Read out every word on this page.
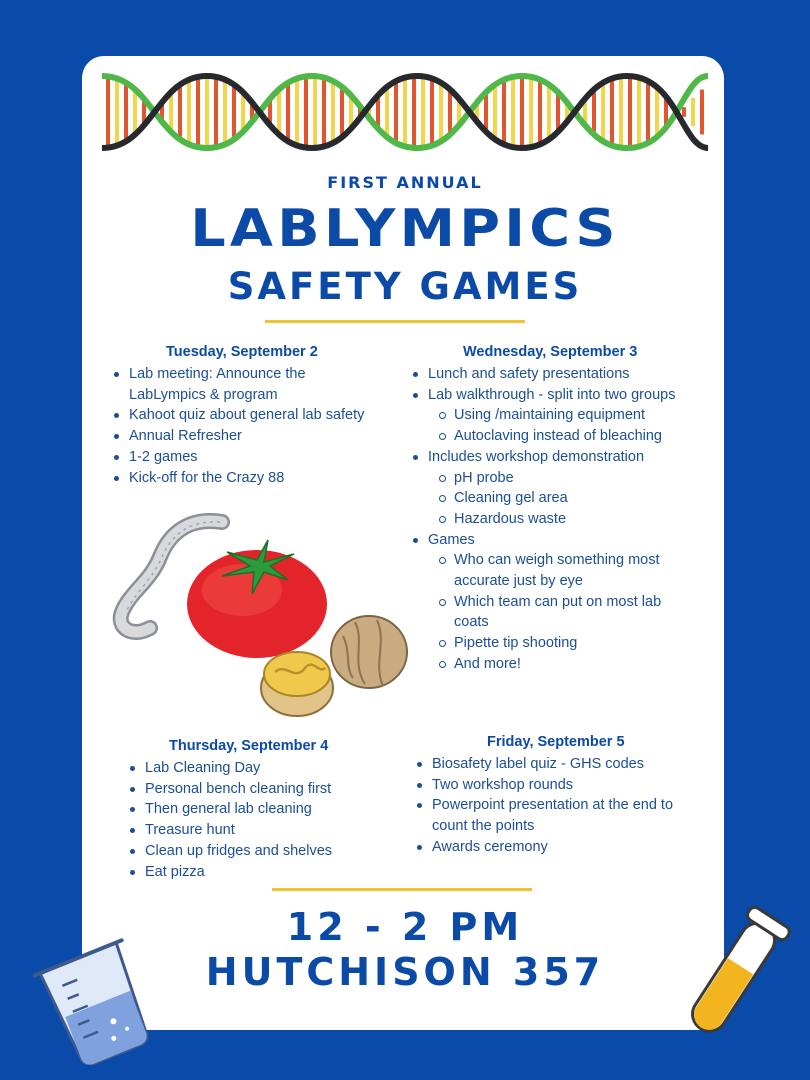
FIRST ANNUAL
LABLYMPICS
SAFETY GAMES
Tuesday, September 2
Lab meeting: Announce the
LabLympics & program
Kahoot quiz about general lab safety
Annual Refresher
1-2 games
Kick-off for the Crazy 88
Wednesday, September 3
Lunch and safety presentations
Lab walkthrough - split into two groups
Using /maintaining equipment
Autoclaving instead of bleaching
Includes workshop demonstration
pH probe
Cleaning gel area
Hazardous waste
Games
Who can weigh something most
accurate just by eye
Which team can put on most lab
coats
Pipette tip shooting
And more!
Thursday, September 4
Lab Cleaning Day
Personal bench cleaning first
Then general lab cleaning
Treasure hunt
Clean up fridges and shelves
Eat pizza
Friday, September 5
Biosafety label quiz - GHS codes
Two workshop rounds
Powerpoint presentation at the end to
count the points
Awards ceremony
12 - 2 PM
HUTCHISON 357
